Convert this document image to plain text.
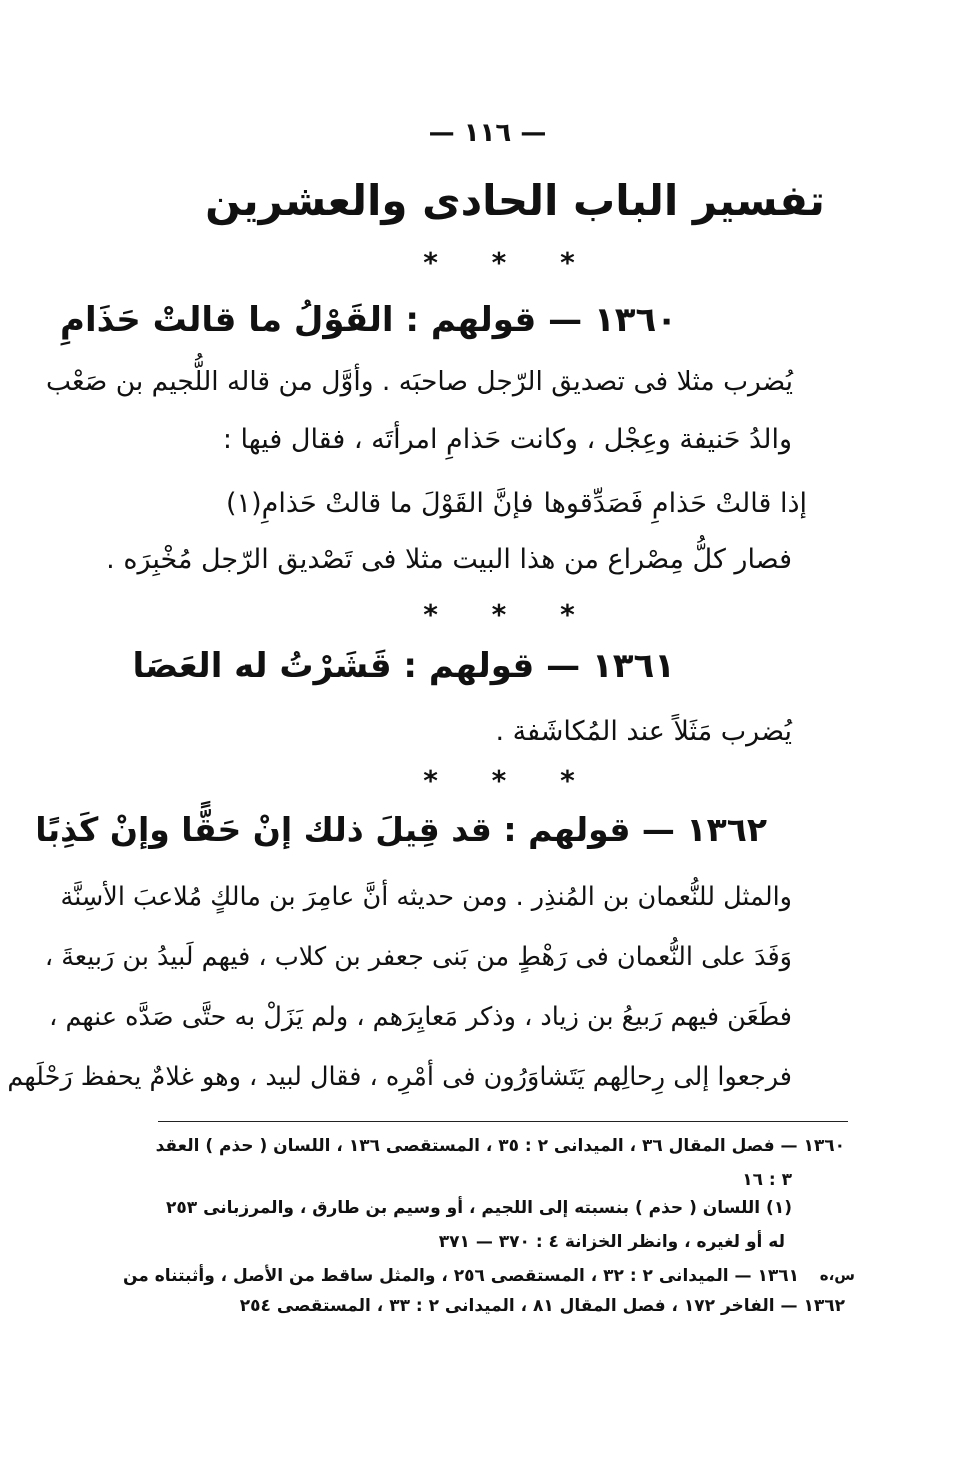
— ١١٦ —
تفسير الباب الحادى والعشرين
* * *
١٣٦٠ — قولهم : القَوْلُ ما قالتْ حَذَامِ
يُضرب مثلا فى تصديق الرّجل صاحبَه . وأوَّل من قاله اللُّجيم بن صَعْب
والدُ حَنيفة وعِجْل ، وكانت حَذامِ امرأتَه ، فقال فيها :
إذا قالتْ حَذامِ فَصَدِّقوها
فإنَّ القَوْلَ ما قالتْ حَذامِ(١)
فصار كلُّ مِصْراع من هذا البيت مثلا فى تَصْديق الرّجل مُخْبِرَه .
* * *
١٣٦١ — قولهم : قَشَرْتُ له العَصَا
يُضرب مَثَلاً عند المُكاشَفة .
* * *
١٣٦٢ — قولهم : قد قِيلَ ذلك إنْ حَقًّا وإنْ كَذِبًا
والمثل للنُّعمان بن المُنذِر . ومن حديثه أنَّ عامِرَ بن مالكٍ مُلاعبَ الأسِنَّة
وَفَدَ على النُّعمان فى رَهْطٍ من بَنى جعفر بن كلاب ، فيهم لَبيدُ بن رَبيعةَ ،
فطَعَن فيهم رَبيعُ بن زياد ، وذكر مَعايِرَهم ، ولم يَزَلْ به حتَّى صَدَّه عنهم ،
فرجعوا إلى رِحالِهم يَتَشاوَرُون فى أمْرِه ، فقال لبيد ، وهو غلامٌ يحفظ رَحْلَهم
١٣٦٠ — فصل المقال ٣٦ ، الميدانى ٢ : ٣٥ ، المستقصى ١٣٦ ، اللسان ( حذم ) العقد
٣ : ١٦
(١) اللسان ( حذم ) بنسبته إلى اللجيم ، أو وسيم بن طارق ، والمرزبانى ٢٥٣
له أو لغيره ، وانظر الخزانة ٤ : ٣٧٠ — ٣٧١
١٣٦١ — الميدانى ٢ : ٣٢ ، المستقصى ٢٥٦ ، والمثل ساقط من الأصل ، وأثبتناه من
١٣٦٢ — الفاخر ١٧٢ ، فصل المقال ٨١ ، الميدانى ٢ : ٣٣ ، المستقصى ٢٥٤
س،ه
